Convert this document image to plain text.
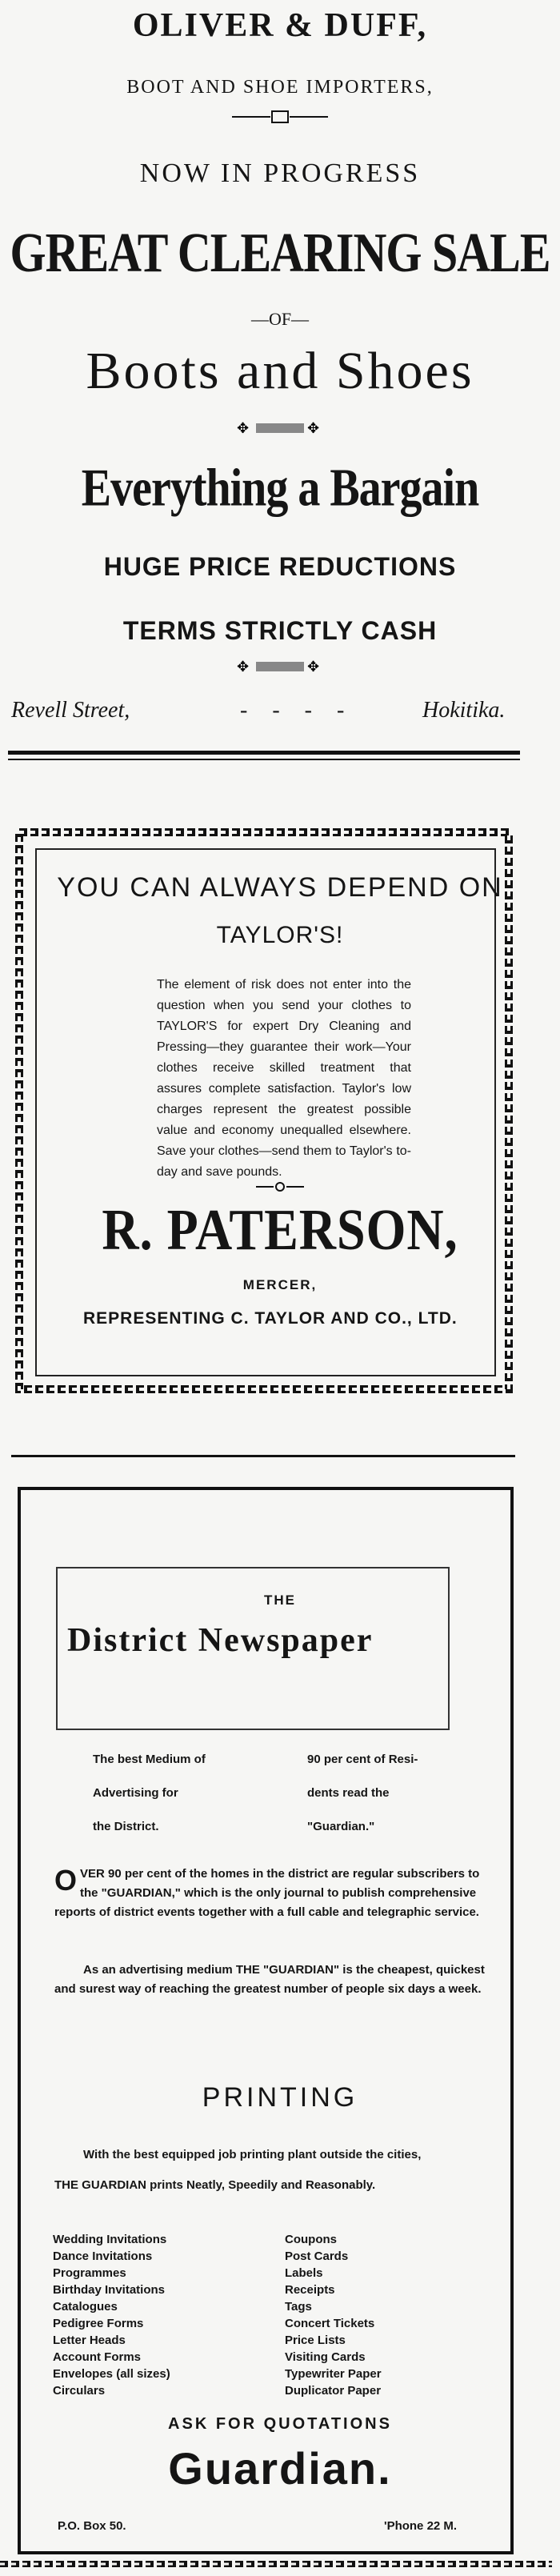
OLIVER & DUFF,
BOOT AND SHOE IMPORTERS,
NOW IN PROGRESS
GREAT CLEARING SALE
—OF—
Boots and Shoes
✥	✥
Everything a Bargain
HUGE PRICE REDUCTIONS
TERMS STRICTLY CASH
✥	✥
Revell Street,	- - - -	Hokitika.
YOU CAN ALWAYS DEPEND ON
TAYLOR'S!
The element of risk does not enter into the question when you send your clothes to TAYLOR'S for expert Dry Cleaning and Pressing—they guarantee their work—Your clothes receive skilled treatment that assures complete satisfaction. Taylor's low charges represent the greatest possible value and economy unequalled elsewhere. Save your clothes—send them to Taylor's to-day and save pounds.
R. PATERSON,
MERCER,
REPRESENTING C. TAYLOR AND CO., LTD.
THE
District Newspaper
The best Medium of
Advertising for
the District.
90 per cent of Resi-
dents read the
"Guardian."
O VER 90 per cent of the homes in the district are regular subscribers to the "GUARDIAN," which is the only journal to publish comprehensive reports of district events together with a full cable and telegraphic service.
As an advertising medium THE "GUARDIAN" is the cheapest, quickest and surest way of reaching the greatest number of people six days a week.
PRINTING
With the best equipped job printing plant outside the cities,
THE GUARDIAN prints Neatly, Speedily and Reasonably.
Wedding Invitations
Dance Invitations
Programmes
Birthday Invitations
Catalogues
Pedigree Forms
Letter Heads
Account Forms
Envelopes (all sizes)
Circulars
Coupons
Post Cards
Labels
Receipts
Tags
Concert Tickets
Price Lists
Visiting Cards
Typewriter Paper
Duplicator Paper
ASK FOR QUOTATIONS
Guardian.
P.O. Box 50.	'Phone 22 M.
